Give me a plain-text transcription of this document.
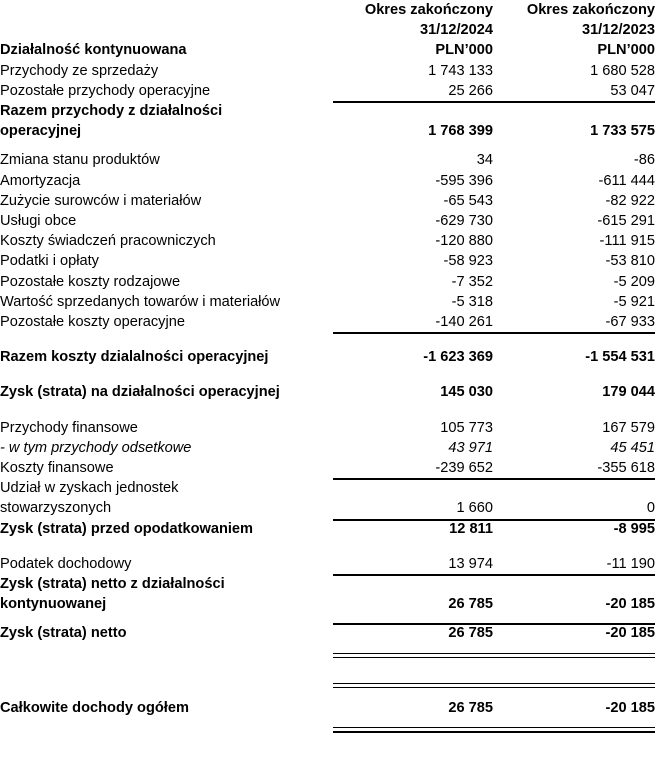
	Okres zakończony	Okres zakończony
	31/12/2024	31/12/2023
Działalność kontynuowana	PLN’000	PLN’000
Przychody ze sprzedaży	1 743 133	1 680 528
Pozostałe przychody operacyjne	25 266	53 047

Razem przychody z działalności		
operacyjnej	1 768 399	1 733 575

Zmiana stanu produktów	34	-86
Amortyzacja	-595 396	-611 444
Zużycie surowców i materiałów	-65 543	-82 922
Usługi obce	-629 730	-615 291
Koszty świadczeń pracowniczych	-120 880	-111 915
Podatki i opłaty	-58 923	-53 810
Pozostałe koszty rodzajowe	-7 352	-5 209
Wartość sprzedanych towarów i materiałów	-5 318	-5 921
Pozostałe koszty operacyjne	-140 261	-67 933

Razem koszty dzialalności operacyjnej	-1 623 369	-1 554 531

Zysk (strata) na działalności operacyjnej	145 030	179 044

Przychody finansowe	105 773	167 579
- w tym przychody odsetkowe	43 971	45 451
Koszty finansowe	-239 652	-355 618

Udział w zyskach jednostek		
stowarzyszonych	1 660	0

Zysk (strata) przed opodatkowaniem	12 811	-8 995

Podatek dochodowy	13 974	-11 190

Zysk (strata) netto z działalności		
kontynuowanej	26 785	-20 185

Zysk (strata) netto	26 785	-20 185

Całkowite dochody ogółem	26 785	-20 185
